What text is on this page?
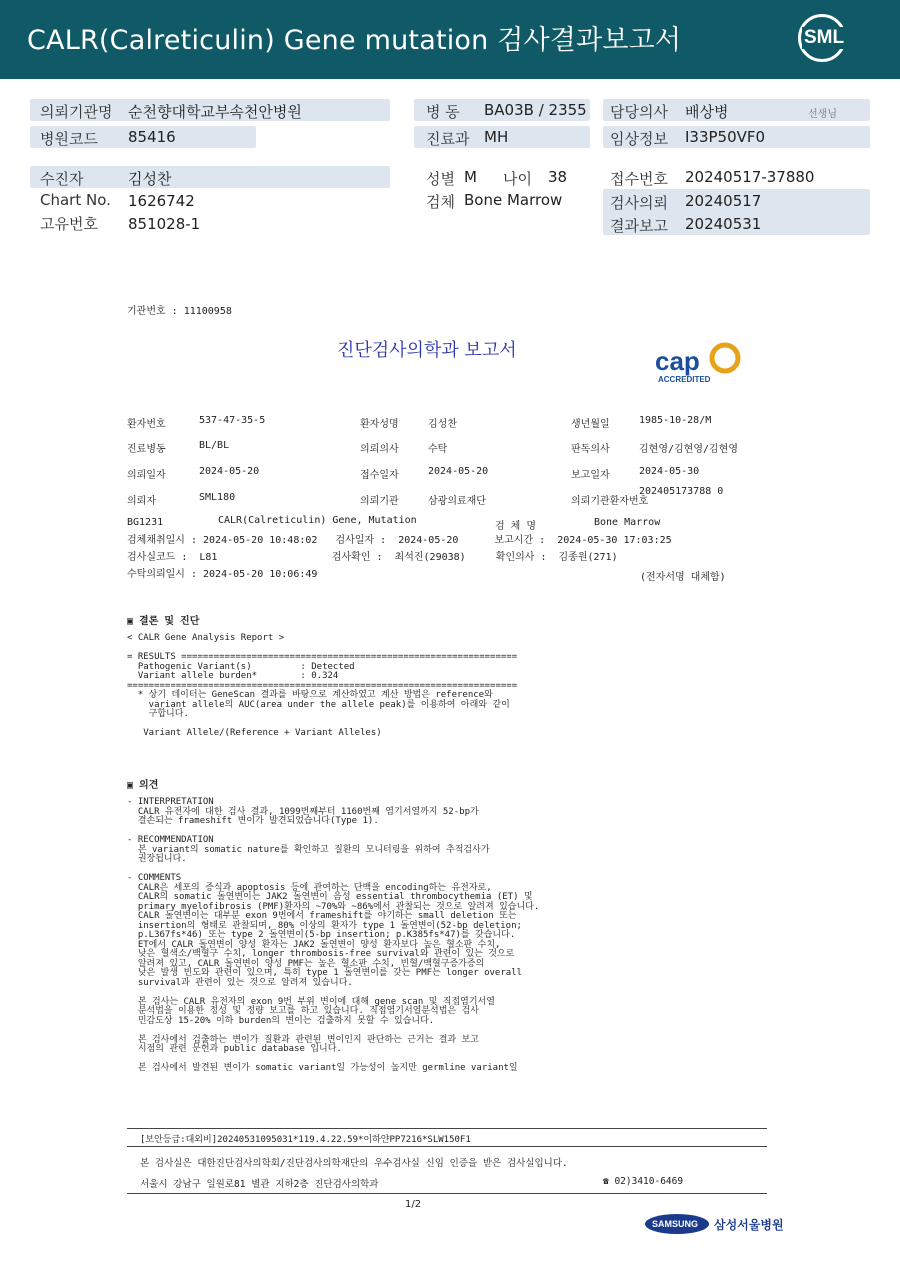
CALR(Calreticulin) Gene mutation 검사결과보고서	SML
의뢰기관명 순천향대학교부속천안병원
병원코드 85416
병 동 BA03B / 2355
진료과 MH
담당의사 배상병	선생님
임상정보 I33P50VF0
수진자	김성찬
Chart No. 1626742
고유번호 851028-1
성별 M 나이 38
검체 Bone Marrow
접수번호 20240517-37880
검사의뢰 20240517
결과보고 20240531
기관번호 : 11100958
진단검사의학과 보고서	cap
ACCREDITED
환자번호	537-47-35-5	환자성명	김성찬	생년월일	1985-10-28/M
진료병동	BL/BL	의뢰의사	수탁	판독의사	김현영/김현영/김현영
의뢰일자	2024-05-20	접수일자	2024-05-20	보고일자	2024-05-30
의뢰자	SML180	의뢰기관	삼광의료재단	의뢰기관환자번호
202405173788 0
BG1231	CALR(Calreticulin) Gene, Mutation
검 체 명	Bone Marrow
검체채취일시 : 2024-05-20 10:48:02   검사일자 :  2024-05-20      보고시간 :  2024-05-30 17:03:25
검사실코드 :  L81                   검사확인 :  최석진(29038)     확인의사 :  김종원(271)
수탁의뢰일시 : 2024-05-20 10:06:49	(전자서명 대체함)
▣ 결론 및 진단
< CALR Gene Analysis Report >

= RESULTS ==============================================================
Pathogenic Variant(s)         : Detected
Variant allele burden*        : 0.324
========================================================================
* 상기 데이터는 GeneScan 결과를 바탕으로 계산하였고 계산 방법은 reference와
variant allele의 AUC(area under the allele peak)를 이용하여 아래와 같이
구합니다.

Variant Allele/(Reference + Variant Alleles)
▣ 의견
- INTERPRETATION
CALR 유전자에 대한 검사 결과, 1099번째부터 1160번째 염기서열까지 52-bp가
결손되는 frameshift 변이가 발견되었습니다(Type 1).

- RECOMMENDATION
본 variant의 somatic nature를 확인하고 질환의 모니터링을 위하여 추적검사가
권장됩니다.

- COMMENTS
CALR은 세포의 증식과 apoptosis 등에 관여하는 단백을 encoding하는 유전자로,
CALR의 somatic 돌연변이는 JAK2 돌연변이 음성 essential thrombocythemia (ET) 및
primary myelofibrosis (PMF)환자의 ~70%와 ~86%에서 관찰되는 것으로 알려져 있습니다.
CALR 돌연변이는 대부분 exon 9번에서 frameshift를 야기하는 small deletion 또는
insertion의 형태로 관찰되며, 80% 이상의 환자가 type 1 돌연변이(52-bp deletion;
p.L367fs*46) 또는 type 2 돌연변이(5-bp insertion; p.K385fs*47)를 갖습니다.
ET에서 CALR 돌연변이 양성 환자는 JAK2 돌연변이 양성 환자보다 높은 혈소판 수치,
낮은 혈색소/백혈구 수치, longer thrombosis-free survival와 관련이 있는 것으로
알려져 있고, CALR 돌연변이 양성 PMF는 높은 혈소판 수치, 빈혈/백혈구증가증의
낮은 발생 빈도와 관련이 있으며, 특히 type 1 돌연변이를 갖는 PMF는 longer overall
survival과 관련이 있는 것으로 알려져 있습니다.

본 검사는 CALR 유전자의 exon 9번 부위 변이에 대해 gene scan 및 직접염기서열
분석법을 이용한 정성 및 정량 보고를 하고 있습니다. 직접염기서열분석법은 검사
민감도상 15-20% 이하 burden의 변이는 검출하지 못할 수 있습니다.

본 검사에서 검출하는 변이가 질환과 관련된 변이인지 판단하는 근거는 결과 보고
시점의 관련 문헌과 public database 입니다.

본 검사에서 발견된 변이가 somatic variant일 가능성이 높지만 germline variant일
[보안등급:대외비]20240531095031*119.4.22.59*이하얀PP7216*SLW150F1
본 검사실은 대한진단검사의학회/진단검사의학재단의 우수검사실 신임 인증을 받은 검사실입니다.
서울시 강남구 일원로81 별관 지하2층 진단검사의학과	☎ 02)3410-6469
1/2
SAMSUNG 삼성서울병원
